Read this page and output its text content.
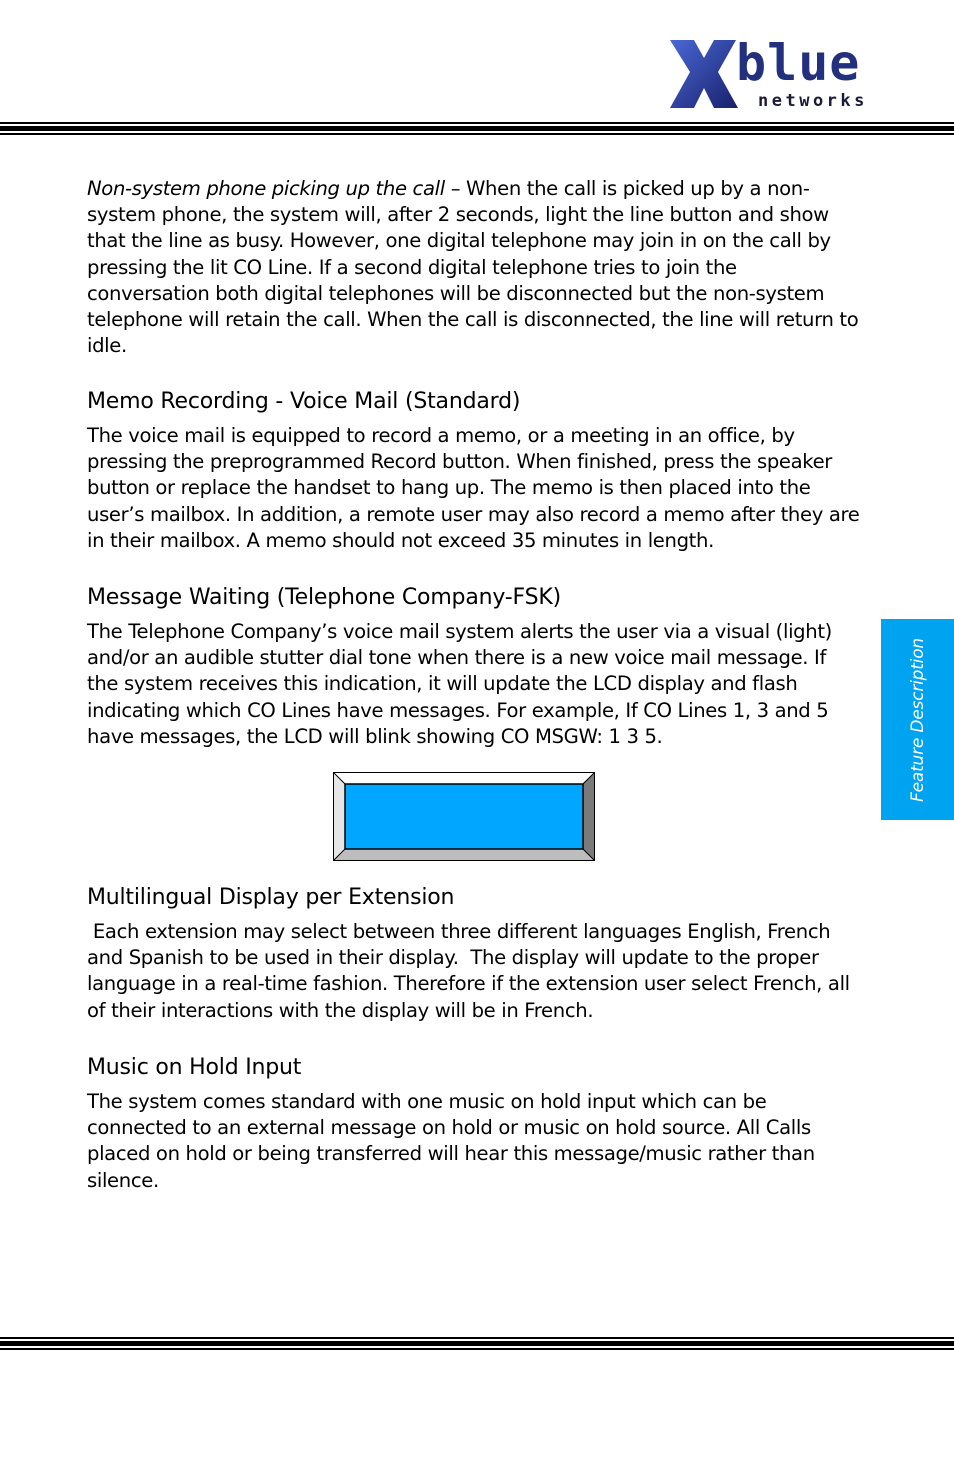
blue
networks
Feature Description

Non-system phone picking up the call – When the call is picked up by a non-system phone, the system will, after 2 seconds, light the line button and show that the line as busy. However, one digital telephone may join in on the call by pressing the lit CO Line. If a second digital telephone tries to join the conversation both digital telephones will be disconnected but the non-system telephone will retain the call. When the call is disconnected, the line will return to idle.

Memo Recording - Voice Mail (Standard)

The voice mail is equipped to record a memo, or a meeting in an office, by pressing the preprogrammed Record button. When finished, press the speaker button or replace the handset to hang up. The memo is then placed into the user’s mailbox. In addition, a remote user may also record a memo after they are in their mailbox. A memo should not exceed 35 minutes in length.

Message Waiting (Telephone Company-FSK)

The Telephone Company’s voice mail system alerts the user via a visual (light) and/or an audible stutter dial tone when there is a new voice mail message. If the system receives this indication, it will update the LCD display and flash indicating which CO Lines have messages. For example, If CO Lines 1, 3 and 5 have messages, the LCD will blink showing CO MSGW: 1 3 5.

Multilingual Display per Extension

Each extension may select between three different languages English, French and Spanish to be used in their display.  The display will update to the proper language in a real-time fashion. Therefore if the extension user select French, all of their interactions with the display will be in French.

Music on Hold Input

The system comes standard with one music on hold input which can be connected to an external message on hold or music on hold source. All Calls placed on hold or being transferred will hear this message/music rather than silence.
